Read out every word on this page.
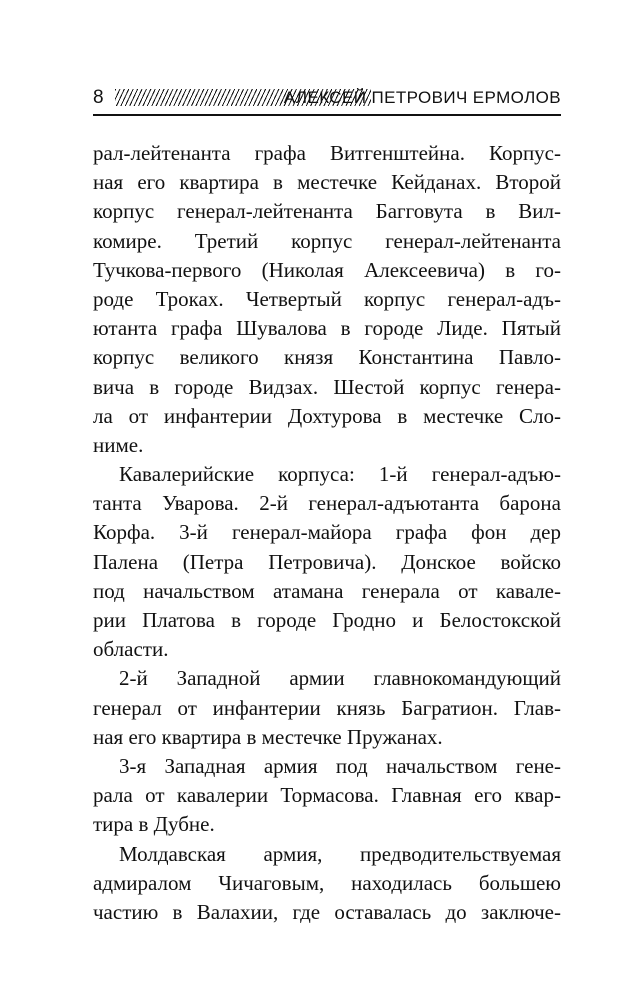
8	АЛЕКСЕЙ ПЕТРОВИЧ ЕРМОЛОВ
рал-лейтенанта графа Витгенштейна. Корпус-
ная его квартира в местечке Кейданах. Второй
корпус генерал-лейтенанта Багговута в Вил-
комире. Третий корпус генерал-лейтенанта
Тучкова-первого (Николая Алексеевича) в го-
роде Троках. Четвертый корпус генерал-адъ-
ютанта графа Шувалова в городе Лиде. Пятый
корпус великого князя Константина Павло-
вича в городе Видзах. Шестой корпус генера-
ла от инфантерии Дохтурова в местечке Сло-
ниме.
Кавалерийские корпуса: 1-й генерал-адъю-
танта Уварова. 2-й генерал-адъютанта барона
Корфа. 3-й генерал-майора графа фон дер
Палена (Петра Петровича). Донское войско
под начальством атамана генерала от кавале-
рии Платова в городе Гродно и Белостокской
области.
2-й Западной армии главнокомандующий
генерал от инфантерии князь Багратион. Глав-
ная его квартира в местечке Пружанах.
3-я Западная армия под начальством гене-
рала от кавалерии Тормасова. Главная его квар-
тира в Дубне.
Молдавская армия, предводительствуемая
адмиралом Чичаговым, находилась большею
частию в Валахии, где оставалась до заключе-
